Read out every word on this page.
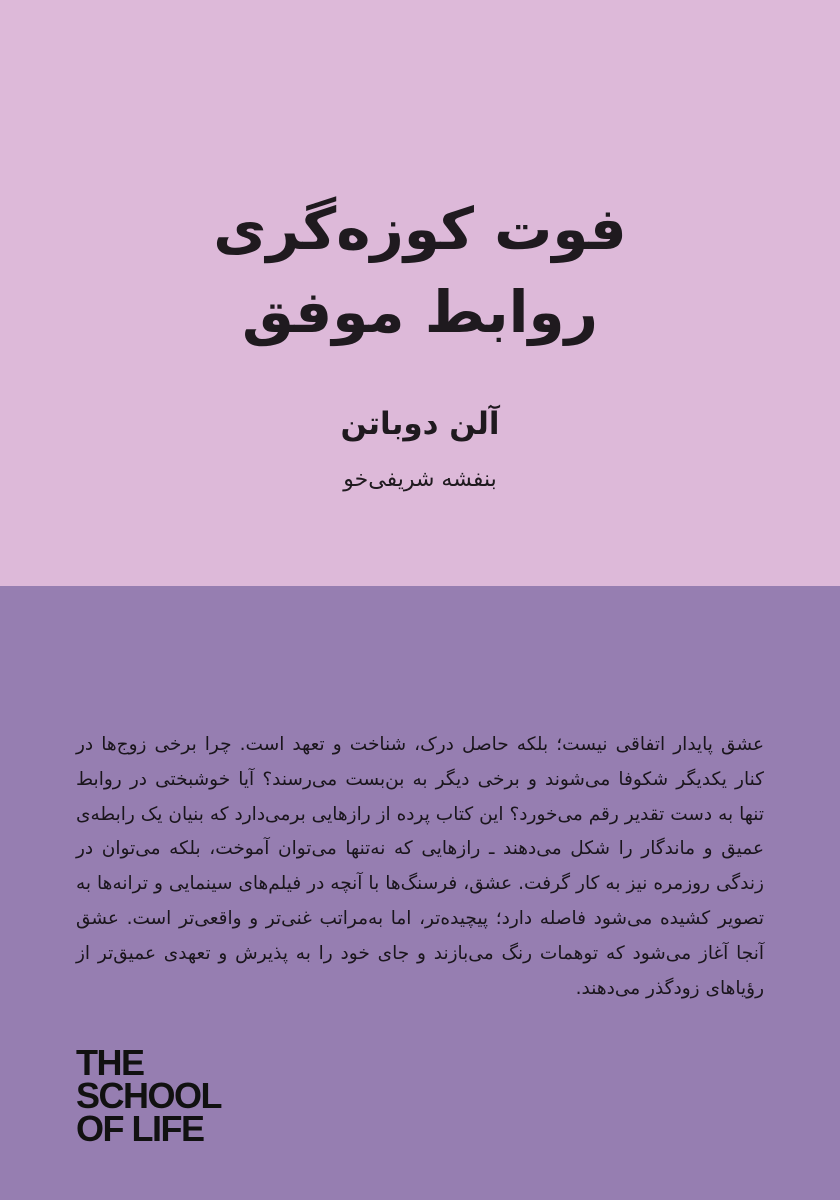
فوت کوزه‌گری
روابط موفق
آلن دوباتن
بنفشه شریفی‌خو
عشق پایدار اتفاقی نیست؛ بلکه حاصل درک، شناخت و تعهد است. چرا برخی زوج‌ها در کنار یکدیگر شکوفا می‌شوند و برخی دیگر به بن‌بست می‌رسند؟ آیا خوشبختی در روابط تنها به دست تقدیر رقم می‌خورد؟ این کتاب پرده از رازهایی برمی‌دارد که بنیان یک رابطه‌ی عمیق و ماندگار را شکل می‌دهند ـ رازهایی که نه‌تنها می‌توان آموخت، بلکه می‌توان در زندگی روزمره نیز به کار گرفت. عشق، فرسنگ‌ها با آنچه در فیلم‌های سینمایی و ترانه‌ها به تصویر کشیده می‌شود فاصله دارد؛ پیچیده‌تر، اما به‌مراتب غنی‌تر و واقعی‌تر است. عشق آنجا آغاز می‌شود که توهمات رنگ می‌بازند و جای خود را به پذیرش و تعهدی عمیق‌تر از رؤیاهای زودگذر می‌دهند.
THE
SCHOOL
OF LIFE
